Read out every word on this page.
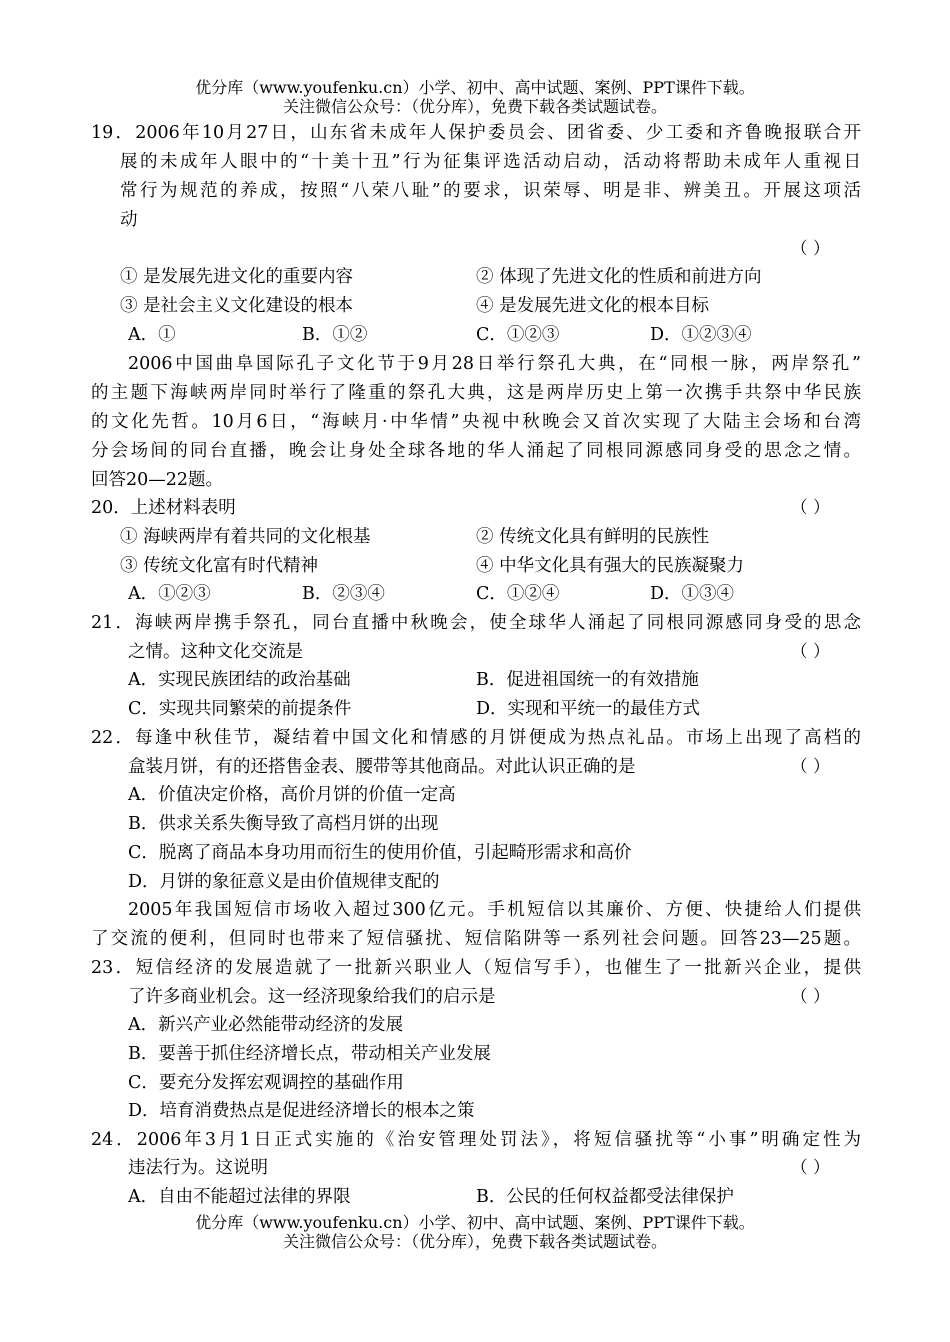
优分库（www.youfenku.cn）小学、初中、高中试题、案例、PPT课件下载。
关注微信公众号：（优分库），免费下载各类试题试卷。
19．2006年10月27日，山东省未成年人保护委员会、团省委、少工委和齐鲁晚报联合开
展的未成年人眼中的“十美十丑”行为征集评选活动启动，活动将帮助未成年人重视日
常行为规范的养成，按照“八荣八耻”的要求，识荣辱、明是非、辨美丑。开展这项活
动
（ ）
① 是发展先进文化的重要内容	② 体现了先进文化的性质和前进方向
③ 是社会主义文化建设的根本	④ 是发展先进文化的根本目标
A．①	B．①②	C．①②③	D．①②③④
2006中国曲阜国际孔子文化节于9月28日举行祭孔大典，在“同根一脉，两岸祭孔”
的主题下海峡两岸同时举行了隆重的祭孔大典，这是两岸历史上第一次携手共祭中华民族
的文化先哲。10月6日，“海峡月·中华情”央视中秋晚会又首次实现了大陆主会场和台湾
分会场间的同台直播，晚会让身处全球各地的华人涌起了同根同源感同身受的思念之情。
回答20—22题。
20．上述材料表明	（ ）
① 海峡两岸有着共同的文化根基	② 传统文化具有鲜明的民族性
③ 传统文化富有时代精神	④ 中华文化具有强大的民族凝聚力
A．①②③	B．②③④	C．①②④	D．①③④
21．海峡两岸携手祭孔，同台直播中秋晚会，使全球华人涌起了同根同源感同身受的思念
之情。这种文化交流是	（ ）
A．实现民族团结的政治基础	B．促进祖国统一的有效措施
C．实现共同繁荣的前提条件	D．实现和平统一的最佳方式
22．每逢中秋佳节，凝结着中国文化和情感的月饼便成为热点礼品。市场上出现了高档的
盒装月饼，有的还搭售金表、腰带等其他商品。对此认识正确的是	（ ）
A．价值决定价格，高价月饼的价值一定高
B．供求关系失衡导致了高档月饼的出现
C．脱离了商品本身功用而衍生的使用价值，引起畸形需求和高价
D．月饼的象征意义是由价值规律支配的
2005年我国短信市场收入超过300亿元。手机短信以其廉价、方便、快捷给人们提供
了交流的便利，但同时也带来了短信骚扰、短信陷阱等一系列社会问题。回答23—25题。
23．短信经济的发展造就了一批新兴职业人（短信写手），也催生了一批新兴企业，提供
了许多商业机会。这一经济现象给我们的启示是	（ ）
A．新兴产业必然能带动经济的发展
B．要善于抓住经济增长点，带动相关产业发展
C．要充分发挥宏观调控的基础作用
D．培育消费热点是促进经济增长的根本之策
24．2006年3月1日正式实施的《治安管理处罚法》，将短信骚扰等“小事”明确定性为
违法行为。这说明	（ ）
A．自由不能超过法律的界限	B．公民的任何权益都受法律保护
优分库（www.youfenku.cn）小学、初中、高中试题、案例、PPT课件下载。
关注微信公众号：（优分库），免费下载各类试题试卷。
